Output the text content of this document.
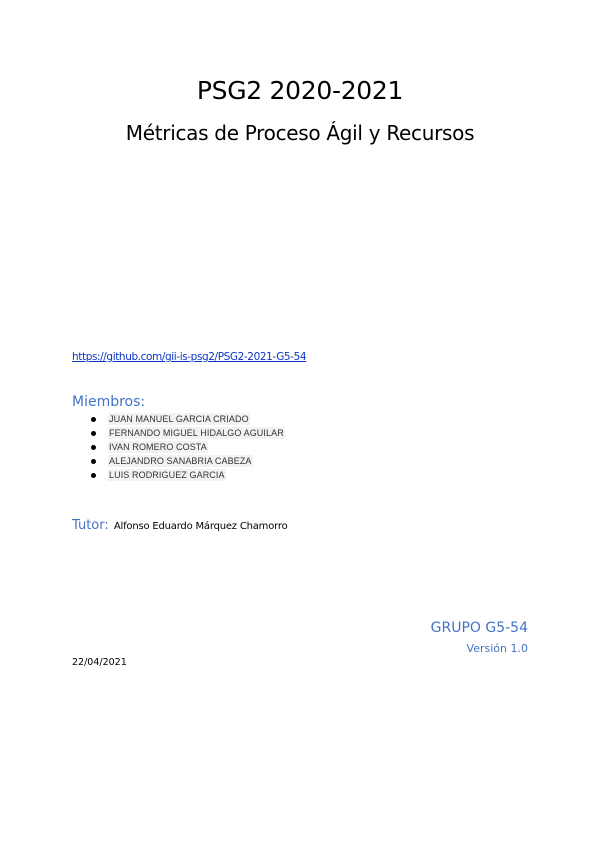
PSG2 2020-2021
Métricas de Proceso Ágil y Recursos
https://github.com/gii-is-psg2/PSG2-2021-G5-54
Miembros:
JUAN MANUEL GARCIA CRIADO
FERNANDO MIGUEL HIDALGO AGUILAR
IVAN ROMERO COSTA
ALEJANDRO SANABRIA CABEZA
LUIS RODRIGUEZ GARCIA
Tutor: Alfonso Eduardo Márquez Chamorro
GRUPO G5-54
Versión 1.0
22/04/2021
